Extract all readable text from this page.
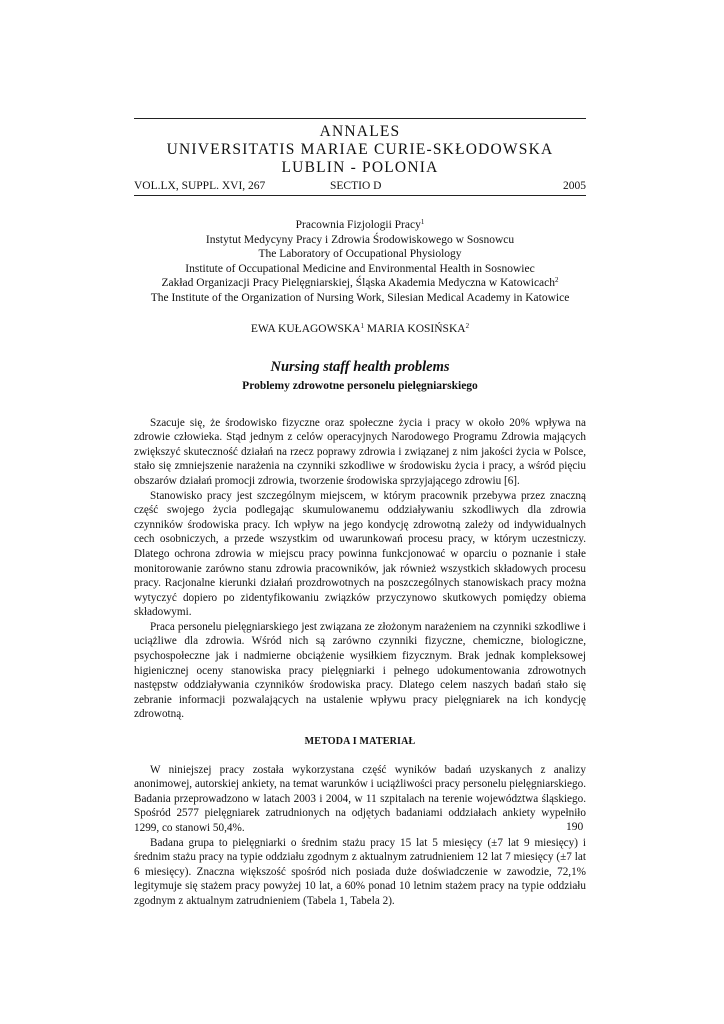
ANNALES
UNIVERSITATIS MARIAE CURIE-SKŁODOWSKA
LUBLIN - POLONIA
VOL.LX, SUPPL. XVI, 267	SECTIO D	2005
Pracownia Fizjologii Pracy$^1$
Instytut Medycyny Pracy i Zdrowia Środowiskowego w Sosnowcu
The Laboratory of Occupational Physiology
Institute of Occupational Medicine and Environmental Health in Sosnowiec
Zakład Organizacji Pracy Pielęgniarskiej, Śląska Akademia Medyczna w Katowicach$^2$
The Institute of the Organization of Nursing Work, Silesian Medical Academy in Katowice
EWA KUŁAGOWSKA$^1$ MARIA KOSIŃSKA$^2$
Nursing staff health problems
Problemy zdrowotne personelu pielęgniarskiego

Szacuje się, że środowisko fizyczne oraz społeczne życia i pracy w około 20% wpływa na zdrowie człowieka. Stąd jednym z celów operacyjnych Narodowego Programu Zdrowia mających zwiększyć skuteczność działań na rzecz poprawy zdrowia i związanej z nim jakości życia w Polsce, stało się zmniejszenie narażenia na czynniki szkodliwe w środowisku życia i pracy, a wśród pięciu obszarów działań promocji zdrowia, tworzenie środowiska sprzyjającego zdrowiu [6].

Stanowisko pracy jest szczególnym miejscem, w którym pracownik przebywa przez znaczną część swojego życia podlegając skumulowanemu oddziaływaniu szkodliwych dla zdrowia czynników środowiska pracy. Ich wpływ na jego kondycję zdrowotną zależy od indywidualnych cech osobniczych, a przede wszystkim od uwarunkowań procesu pracy, w którym uczestniczy. Dlatego ochrona zdrowia w miejscu pracy powinna funkcjonować w oparciu o poznanie i stałe monitorowanie zarówno stanu zdrowia pracowników, jak również wszystkich składowych procesu pracy. Racjonalne kierunki działań prozdrowotnych na poszczególnych stanowiskach pracy można wytyczyć dopiero po zidentyfikowaniu związków przyczynowo skutkowych pomiędzy obiema składowymi.

Praca personelu pielęgniarskiego jest związana ze złożonym narażeniem na czynniki szkodliwe i uciążliwe dla zdrowia. Wśród nich są zarówno czynniki fizyczne, chemiczne, biologiczne, psychospołeczne jak i nadmierne obciążenie wysiłkiem fizycznym. Brak jednak kompleksowej higienicznej oceny stanowiska pracy pielęgniarki i pełnego udokumentowania zdrowotnych następstw oddziaływania czynników środowiska pracy. Dlatego celem naszych badań stało się zebranie informacji pozwalających na ustalenie wpływu pracy pielęgniarek na ich kondycję zdrowotną.

METODA I MATERIAŁ

W niniejszej pracy została wykorzystana część wyników badań uzyskanych z analizy anonimowej, autorskiej ankiety, na temat warunków i uciążliwości pracy personelu pielęgniarskiego. Badania przeprowadzono w latach 2003 i 2004, w 11 szpitalach na terenie województwa śląskiego. Spośród 2577 pielęgniarek zatrudnionych na odjętych badaniami oddziałach ankiety wypełniło 1299, co stanowi 50,4%.

Badana grupa to pielęgniarki o średnim stażu pracy 15 lat 5 miesięcy (±7 lat 9 miesięcy) i średnim stażu pracy na typie oddziału zgodnym z aktualnym zatrudnieniem 12 lat 7 miesięcy (±7 lat 6 miesięcy). Znaczna większość spośród nich posiada duże doświadczenie w zawodzie, 72,1% legitymuje się stażem pracy powyżej 10 lat, a 60% ponad 10 letnim stażem pracy na typie oddziału zgodnym z aktualnym zatrudnieniem (Tabela 1, Tabela 2).

190
